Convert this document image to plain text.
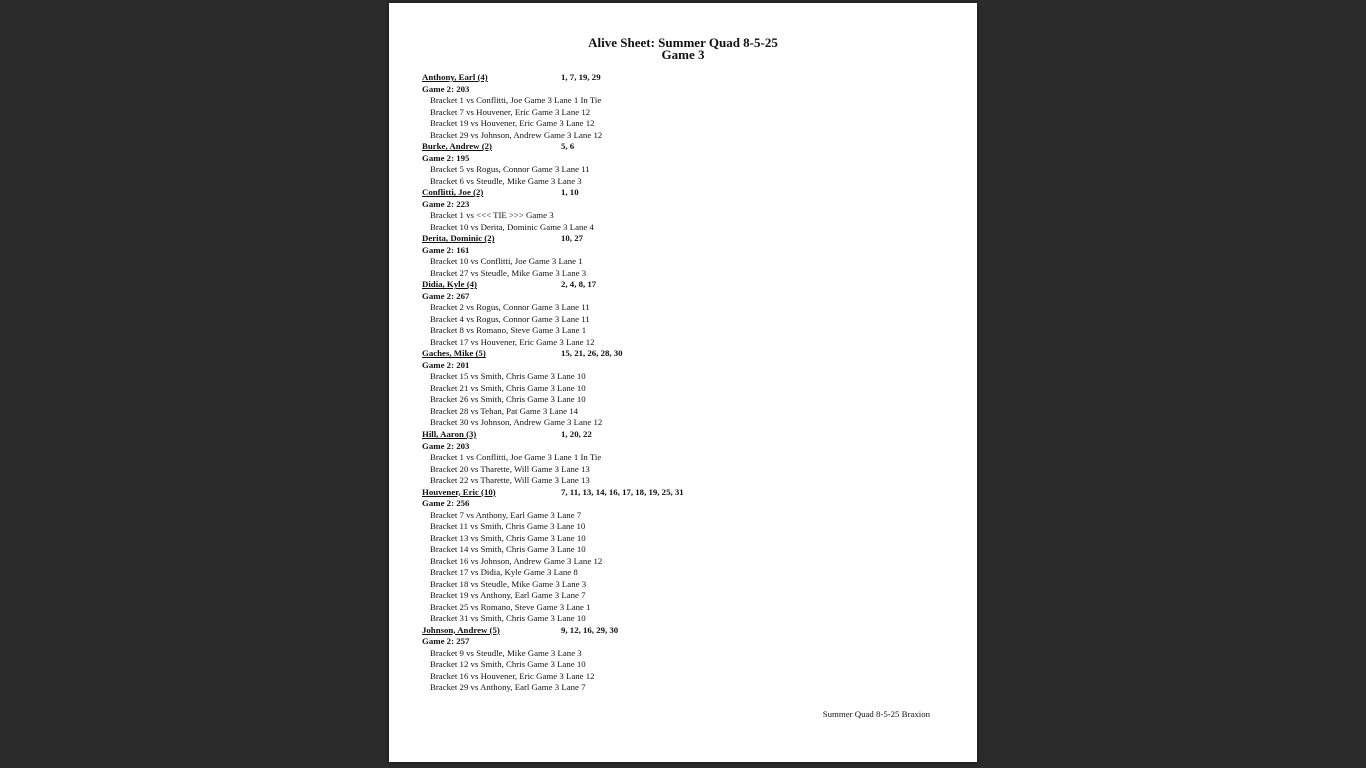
Alive Sheet: Summer Quad 8-5-25
Game 3
Anthony, Earl (4)	1, 7, 19, 29
Game 2: 203
Bracket 1 vs Conflitti, Joe Game 3 Lane 1 In Tie
Bracket 7 vs Houvener, Eric Game 3 Lane 12
Bracket 19 vs Houvener, Eric Game 3 Lane 12
Bracket 29 vs Johnson, Andrew Game 3 Lane 12
Burke, Andrew (2)	5, 6
Game 2: 195
Bracket 5 vs Rogus, Connor Game 3 Lane 11
Bracket 6 vs Steudle, Mike Game 3 Lane 3
Conflitti, Joe (2)	1, 10
Game 2: 223
Bracket 1 vs <<< TIE >>> Game 3
Bracket 10 vs Derita, Dominic Game 3 Lane 4
Derita, Dominic (2)	10, 27
Game 2: 161
Bracket 10 vs Conflitti, Joe Game 3 Lane 1
Bracket 27 vs Steudle, Mike Game 3 Lane 3
Didia, Kyle (4)	2, 4, 8, 17
Game 2: 267
Bracket 2 vs Rogus, Connor Game 3 Lane 11
Bracket 4 vs Rogus, Connor Game 3 Lane 11
Bracket 8 vs Romano, Steve Game 3 Lane 1
Bracket 17 vs Houvener, Eric Game 3 Lane 12
Gaches, Mike (5)	15, 21, 26, 28, 30
Game 2: 201
Bracket 15 vs Smith, Chris Game 3 Lane 10
Bracket 21 vs Smith, Chris Game 3 Lane 10
Bracket 26 vs Smith, Chris Game 3 Lane 10
Bracket 28 vs Tehan, Pat Game 3 Lane 14
Bracket 30 vs Johnson, Andrew Game 3 Lane 12
Hill, Aaron (3)	1, 20, 22
Game 2: 203
Bracket 1 vs Conflitti, Joe Game 3 Lane 1 In Tie
Bracket 20 vs Tharette, Will Game 3 Lane 13
Bracket 22 vs Tharette, Will Game 3 Lane 13
Houvener, Eric (10)	7, 11, 13, 14, 16, 17, 18, 19, 25, 31
Game 2: 256
Bracket 7 vs Anthony, Earl Game 3 Lane 7
Bracket 11 vs Smith, Chris Game 3 Lane 10
Bracket 13 vs Smith, Chris Game 3 Lane 10
Bracket 14 vs Smith, Chris Game 3 Lane 10
Bracket 16 vs Johnson, Andrew Game 3 Lane 12
Bracket 17 vs Didia, Kyle Game 3 Lane 8
Bracket 18 vs Steudle, Mike Game 3 Lane 3
Bracket 19 vs Anthony, Earl Game 3 Lane 7
Bracket 25 vs Romano, Steve Game 3 Lane 1
Bracket 31 vs Smith, Chris Game 3 Lane 10
Johnson, Andrew (5)	9, 12, 16, 29, 30
Game 2: 257
Bracket 9 vs Steudle, Mike Game 3 Lane 3
Bracket 12 vs Smith, Chris Game 3 Lane 10
Bracket 16 vs Houvener, Eric Game 3 Lane 12
Bracket 29 vs Anthony, Earl Game 3 Lane 7
Summer Quad 8-5-25 Braxion
